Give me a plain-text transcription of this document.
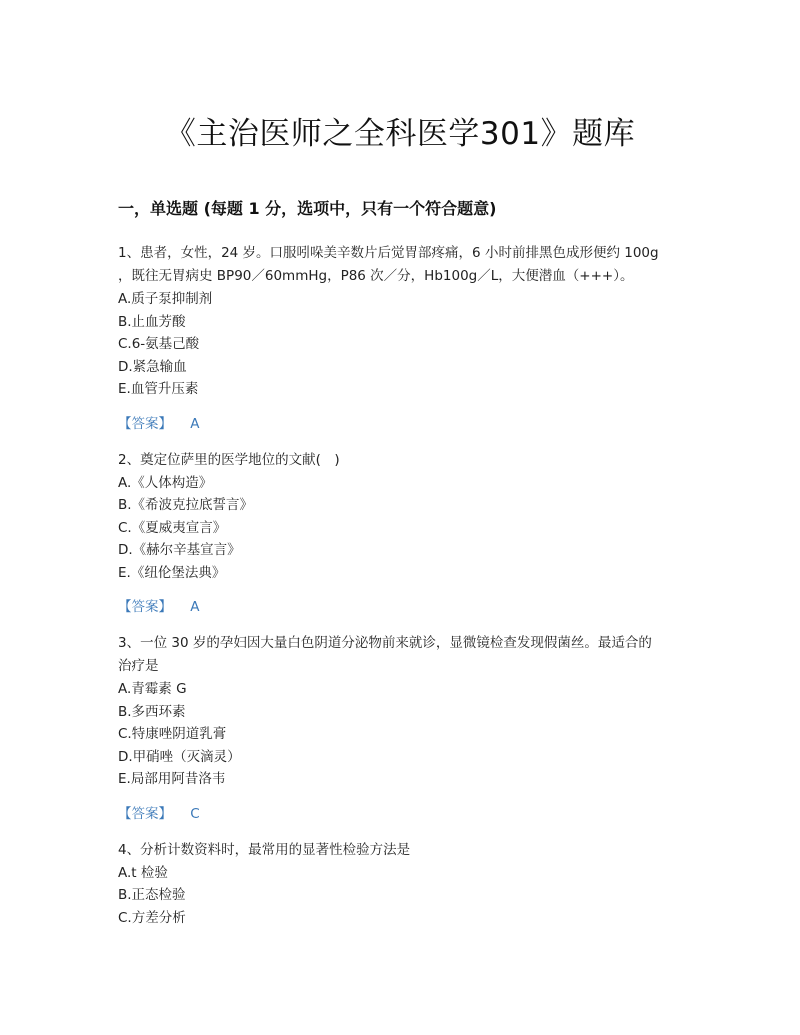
《主治医师之全科医学301》题库
一，单选题 (每题 1 分，选项中，只有一个符合题意)

1、患者，女性，24 岁。口服吲哚美辛数片后觉胃部疼痛，6 小时前排黑色成形便约 100g

，既往无胃病史 BP90／60mmHg，P86 次／分，Hb100g／L，大便潜血（+++）。

A.质子泵抑制剂

B.止血芳酸

C.6-氨基己酸

D.紧急输血

E.血管升压素

【答案】 A

2、奠定位萨里的医学地位的文献(　)

A.《人体构造》

B.《希波克拉底誓言》

C.《夏威夷宣言》

D.《赫尔辛基宣言》

E.《纽伦堡法典》

【答案】 A

3、一位 30 岁的孕妇因大量白色阴道分泌物前来就诊，显微镜检查发现假菌丝。最适合的

治疗是

A.青霉素 G

B.多西环素

C.特康唑阴道乳膏

D.甲硝唑（灭滴灵）

E.局部用阿昔洛韦

【答案】 C

4、分析计数资料时，最常用的显著性检验方法是

A.t 检验

B.正态检验

C.方差分析
